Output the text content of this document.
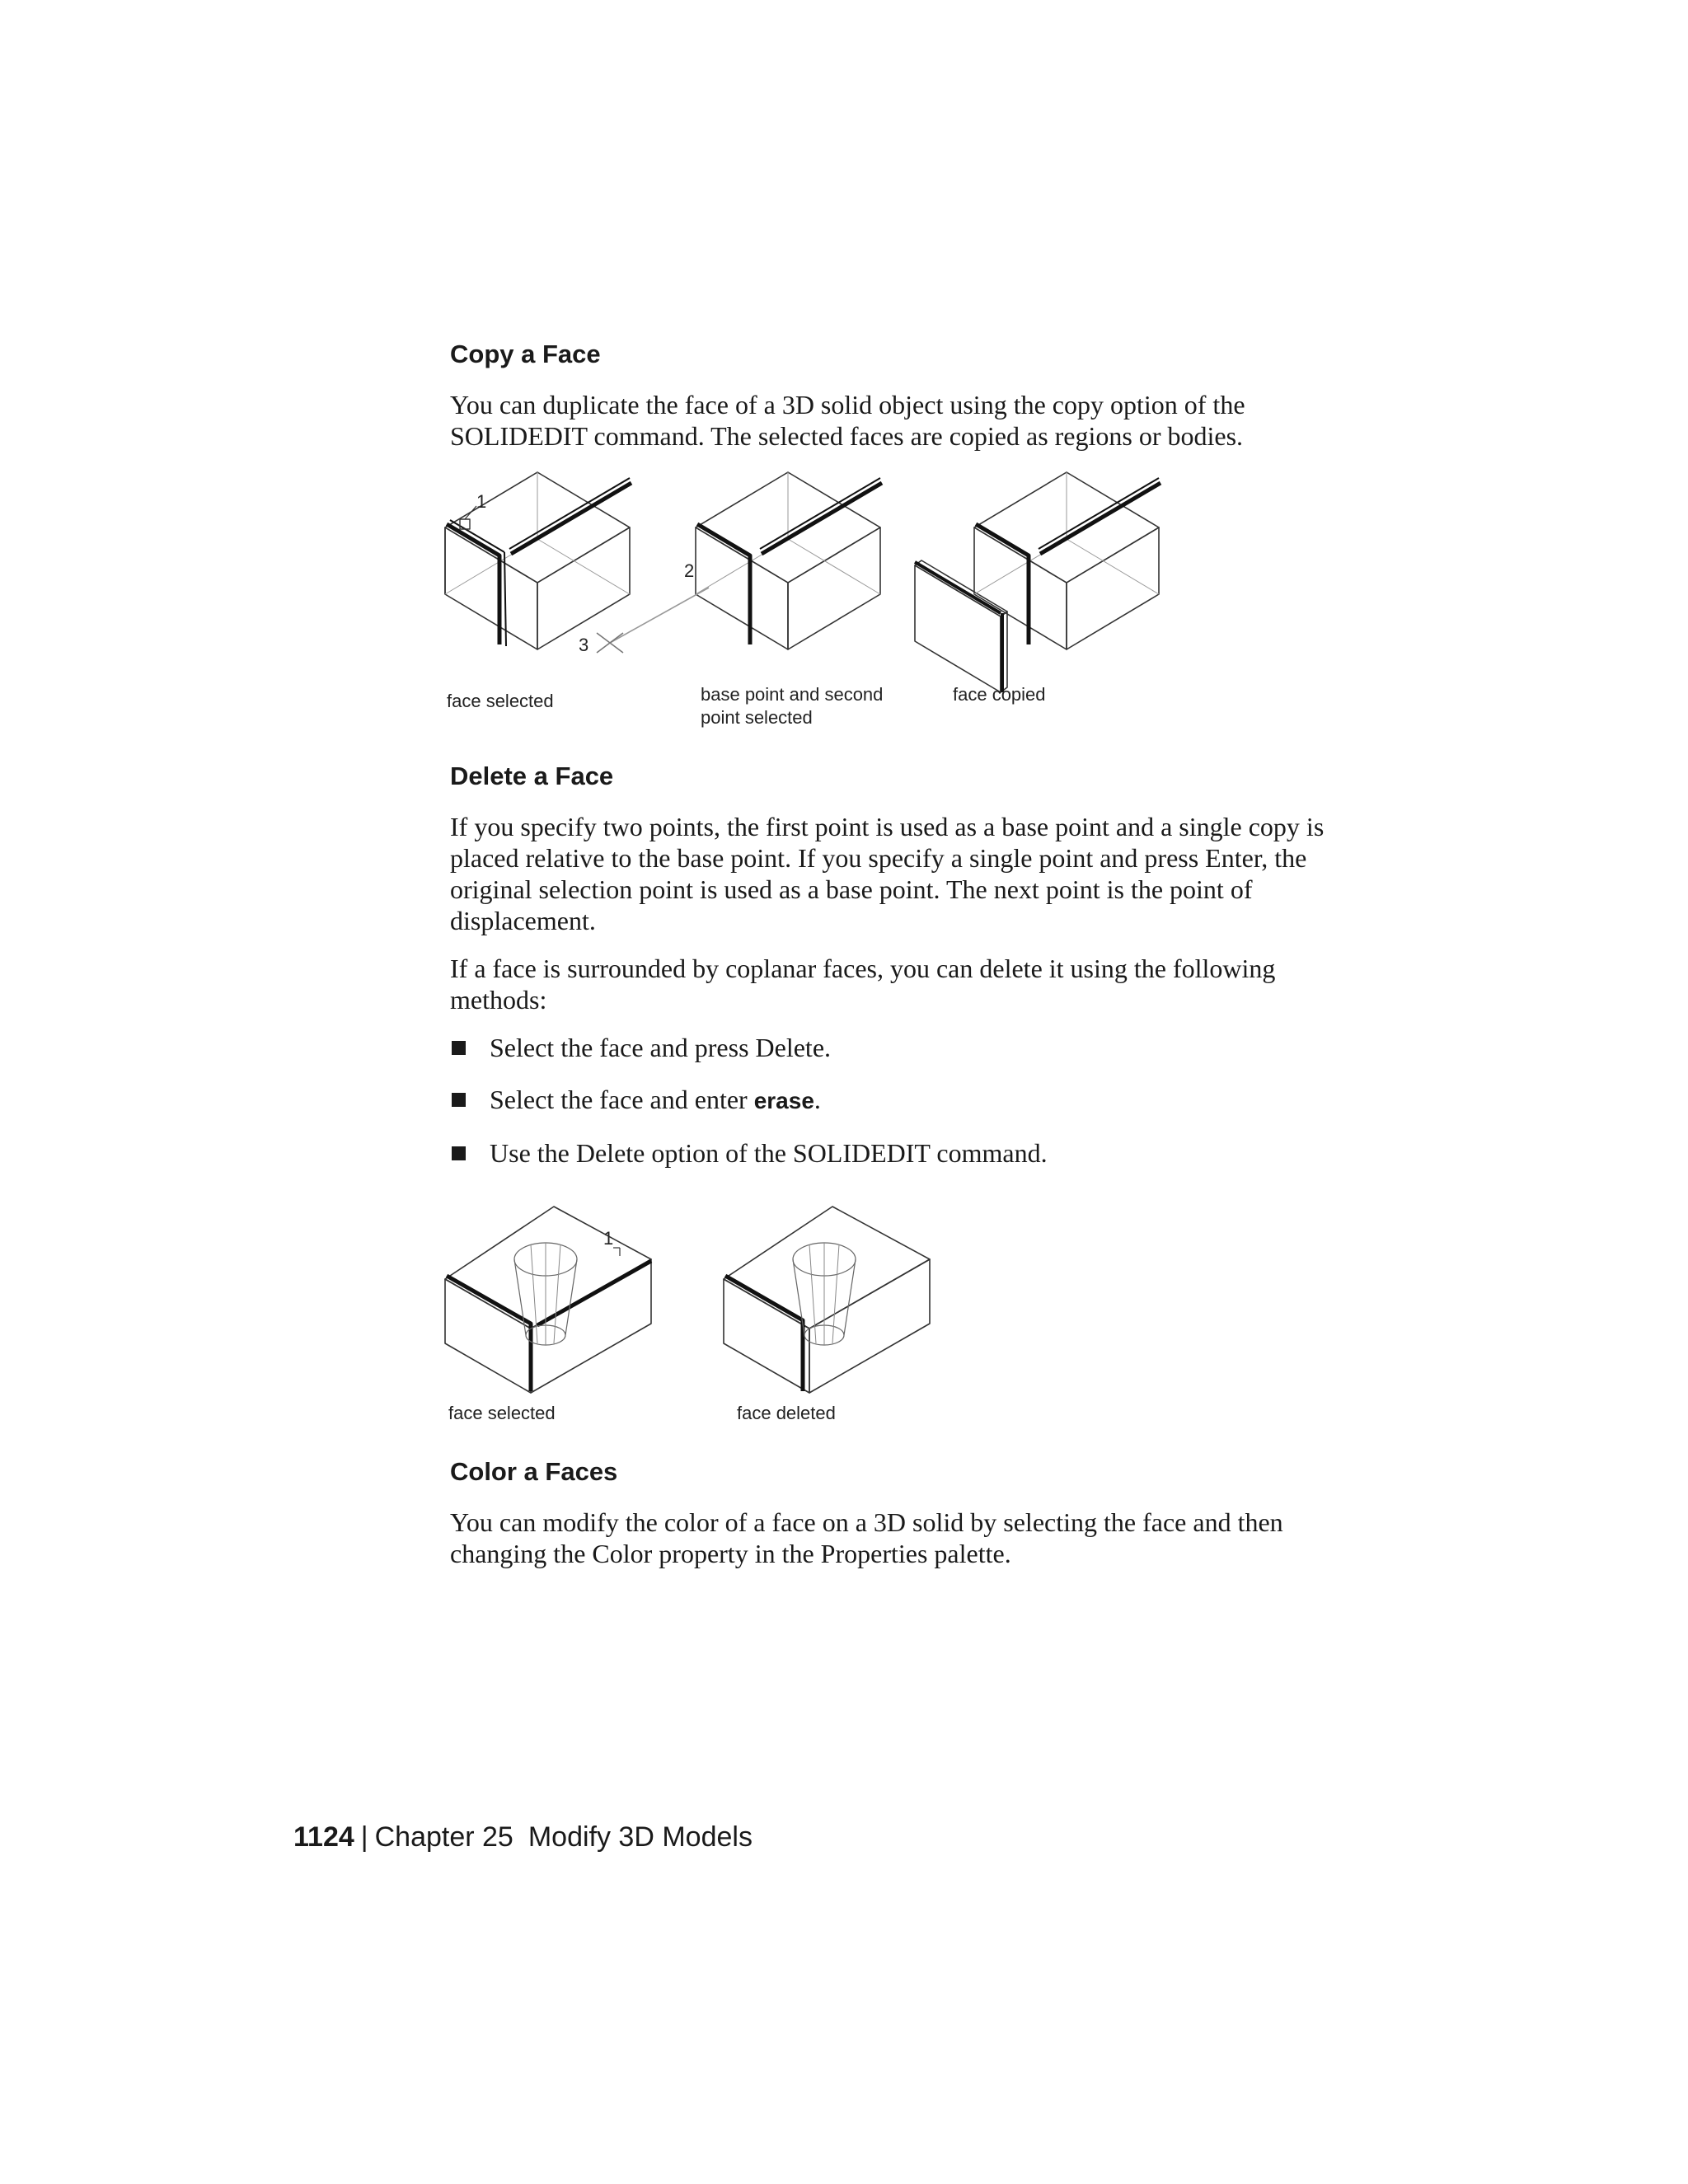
Copy a Face

You can duplicate the face of a 3D solid object using the copy option of the SOLIDEDIT command. The selected faces are copied as regions or bodies.

1
2
3
face selected	base point and second
point selected
face copied
Delete a Face

If you specify two points, the first point is used as a base point and a single copy is placed relative to the base point. If you specify a single point and press Enter, the original selection point is used as a base point. The next point is the point of displacement.

If a face is surrounded by coplanar faces, you can delete it using the following methods:

Select the face and press Delete.
Select the face and enter erase.
Use the Delete option of the SOLIDEDIT command.
1
face selected	face deleted
Color a Faces

You can modify the color of a face on a 3D solid by selecting the face and then changing the Color property in the Properties palette.

1124 | Chapter 25 Modify 3D Models
